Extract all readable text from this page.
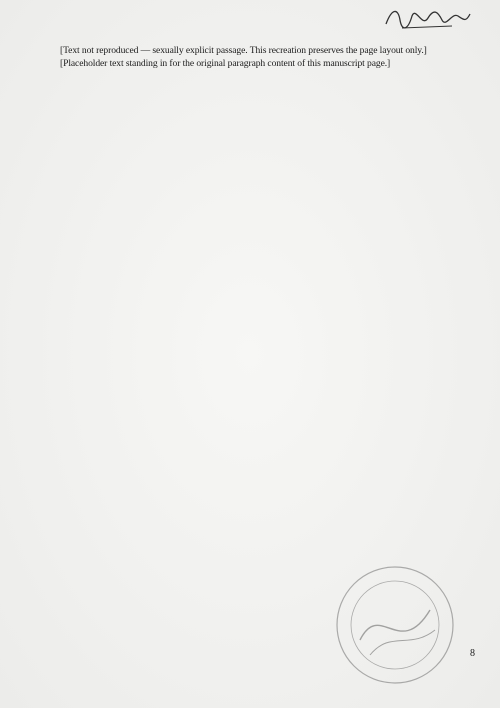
[Text not reproduced — sexually explicit passage. This recreation preserves the page layout only.]

[Placeholder text standing in for the original paragraph content of this manuscript page.]

8
